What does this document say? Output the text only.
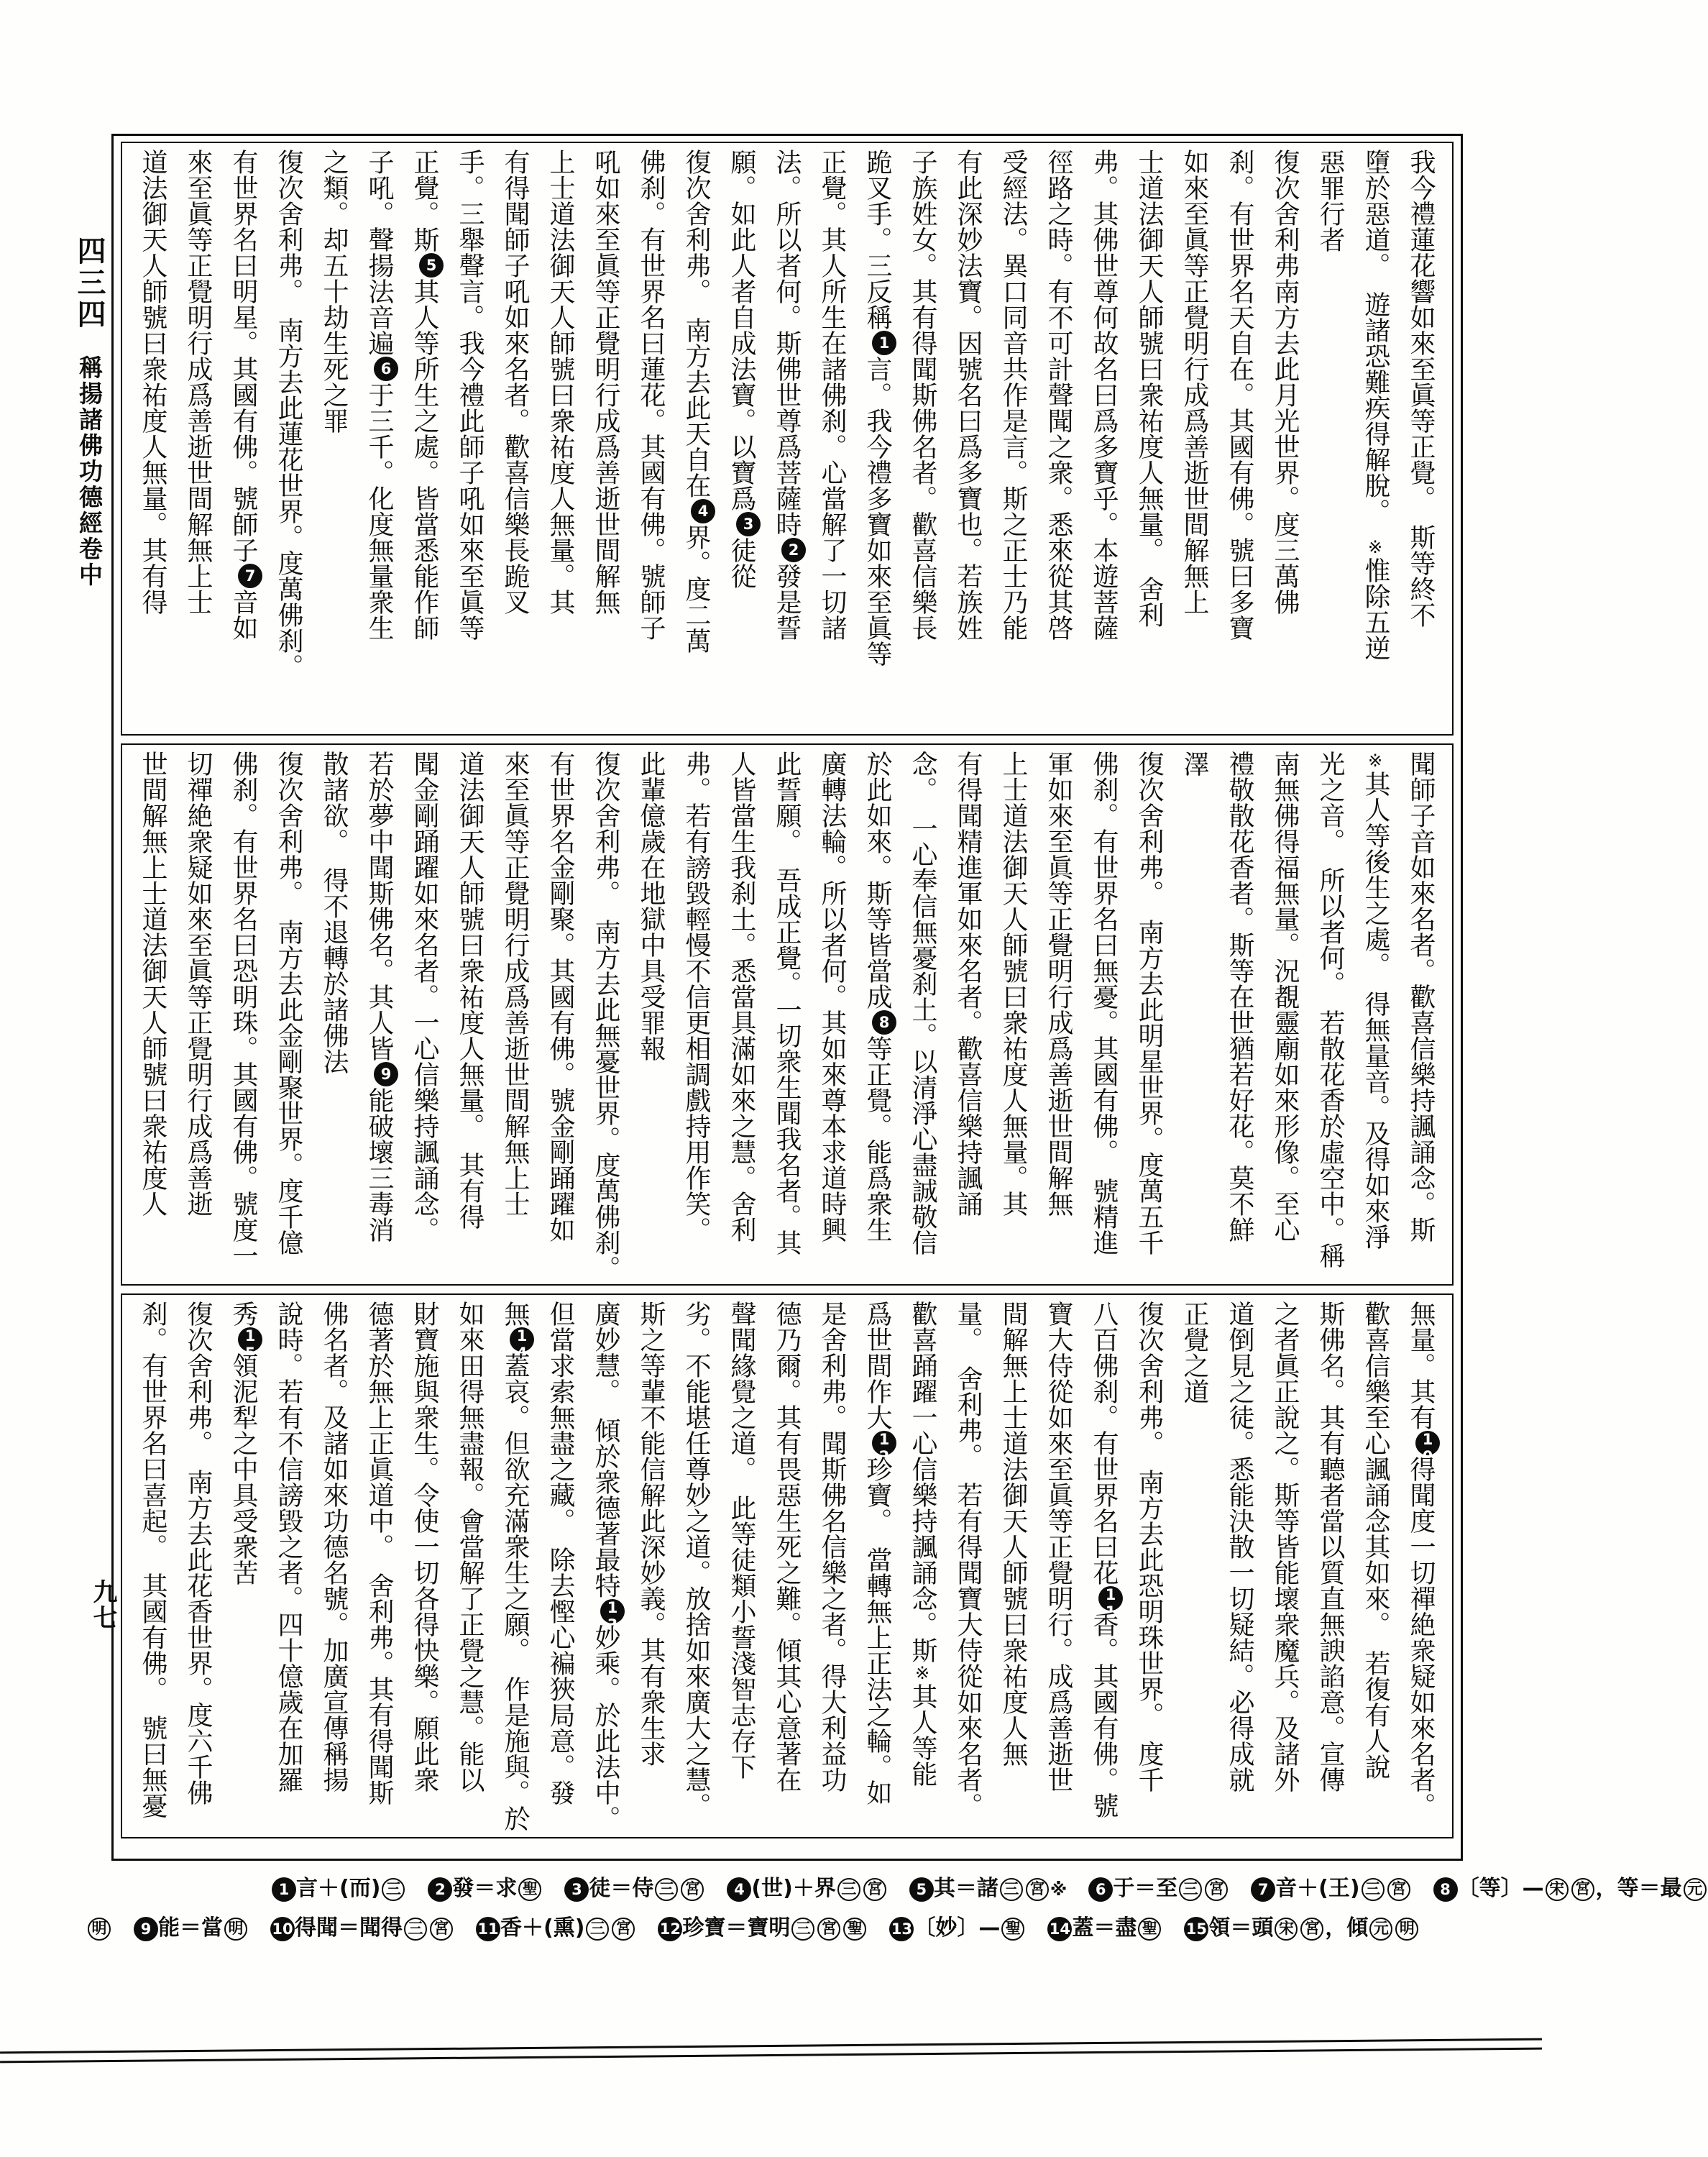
四三四稱揚諸佛功德經卷中
九七
我今禮蓮花響如來至眞等正覺。　斯等終不
墮於惡道。　遊諸恐難疾得解脫。　※惟除五逆
惡罪行者
復次舍利弗南方去此月光世界。度三萬佛
刹。有世界名天自在。其國有佛。號曰多寶
如來至眞等正覺明行成爲善逝世間解無上
士道法御天人師號曰衆祐度人無量。　舍利
弗。其佛世尊何故名曰爲多寶乎。本遊菩薩
徑路之時。有不可計聲聞之衆。悉來從其啓
受經法。異口同音共作是言。斯之正士乃能
有此深妙法寶。因號名曰爲多寶也。若族姓
子族姓女。其有得聞斯佛名者。歡喜信樂長
跪叉手。三反稱1言。我今禮多寶如來至眞等
正覺。其人所生在諸佛刹。心當解了一切諸
法。所以者何。斯佛世尊爲菩薩時2發是誓
願。如此人者自成法寶。以寶爲3徒從
復次舍利弗。　南方去此天自在4界。度二萬
佛刹。有世界名曰蓮花。其國有佛。號師子
吼如來至眞等正覺明行成爲善逝世間解無
上士道法御天人師號曰衆祐度人無量。其
有得聞師子吼如來名者。歡喜信樂長跪叉
手。三舉聲言。我今禮此師子吼如來至眞等
正覺。斯5其人等所生之處。皆當悉能作師
子吼。聲揚法音遍6于三千。化度無量衆生
之類。却五十劫生死之罪
復次舍利弗。　南方去此蓮花世界。度萬佛刹。
有世界名曰明星。其國有佛。號師子7音如
來至眞等正覺明行成爲善逝世間解無上士
道法御天人師號曰衆祐度人無量。其有得
聞師子音如來名者。歡喜信樂持諷誦念。斯
※其人等後生之處。　得無量音。及得如來淨
光之音。　所以者何。　若散花香於虛空中。稱
南無佛得福無量。況覩靈廟如來形像。至心
禮敬散花香者。斯等在世猶若好花。莫不鮮
澤
復次舍利弗。　南方去此明星世界。度萬五千
佛刹。有世界名曰無憂。其國有佛。　號精進
軍如來至眞等正覺明行成爲善逝世間解無
上士道法御天人師號曰衆祐度人無量。其
有得聞精進軍如來名者。歡喜信樂持諷誦
念。　一心奉信無憂刹土。以清淨心盡誠敬信
於此如來。斯等皆當成8等正覺。能爲衆生
廣轉法輪。所以者何。其如來尊本求道時興
此誓願。　吾成正覺。一切衆生聞我名者。其
人皆當生我刹土。悉當具滿如來之慧。舍利
弗。若有謗毀輕慢不信更相調戲持用作笑。
此輩億歲在地獄中具受罪報
復次舍利弗。　南方去此無憂世界。度萬佛刹。
有世界名金剛聚。其國有佛。號金剛踊躍如
來至眞等正覺明行成爲善逝世間解無上士
道法御天人師號曰衆祐度人無量。　其有得
聞金剛踊躍如來名者。一心信樂持諷誦念。
若於夢中聞斯佛名。其人皆9能破壞三毒消
散諸欲。　得不退轉於諸佛法
復次舍利弗。　南方去此金剛聚世界。度千億
佛刹。有世界名曰恐明珠。其國有佛。號度一
切禪絶衆疑如來至眞等正覺明行成爲善逝
世間解無上士道法御天人師號曰衆祐度人
無量。其有10得聞度一切禪絶衆疑如來名者。
歡喜信樂至心諷誦念其如來。　若復有人說
斯佛名。其有聽者當以質直無諛諂意。宣傳
之者眞正說之。斯等皆能壞衆魔兵。及諸外
道倒見之徒。悉能決散一切疑結。必得成就
正覺之道
復次舍利弗。　南方去此恐明珠世界。　度千
八百佛刹。有世界名曰花11香。其國有佛。號
寶大侍從如來至眞等正覺明行。成爲善逝世
間解無上士道法御天人師號曰衆祐度人無
量。　舍利弗。　若有得聞寶大侍從如來名者。
歡喜踊躍一心信樂持諷誦念。斯※其人等能
爲世間作大12珍寶。　當轉無上正法之輪。如
是舍利弗。聞斯佛名信樂之者。得大利益功
德乃爾。其有畏惡生死之難。傾其心意著在
聲聞緣覺之道。　此等徒類小誓淺智志存下
劣。不能堪任尊妙之道。放捨如來廣大之慧。
斯之等輩不能信解此深妙義。其有衆生求
廣妙慧。　傾於衆德著最特13妙乘。於此法中。
但當求索無盡之藏。　除去慳心褊狹局意。發
無14蓋哀。但欲充滿衆生之願。　作是施與。於
如來田得無盡報。會當解了正覺之慧。能以
財寶施與衆生。令使一切各得快樂。願此衆
德著於無上正眞道中。　舍利弗。其有得聞斯
佛名者。及諸如來功德名號。加廣宣傳稱揚
說時。若有不信謗毀之者。四十億歲在加羅
秀15領泥犁之中具受衆苦
復次舍利弗。　南方去此花香世界。度六千佛
刹。有世界名曰喜起。　其國有佛。　號曰無憂
1 言＋(而) 三　 2 發＝求 聖　 3 徒＝侍 三 宮　 4 (世)＋界 三 宮　 5 其＝諸 三 宮 ※　 6 于＝至 三 宮　 7 音＋(王) 三 宮　 8 〔等〕— 宋 宮 ，等＝最 元
明　 9 能＝當 明　 10得聞＝聞得 三 宮　 11香＋(熏) 三 宮　 12珍寶＝寶明 三 宮 聖　 13〔妙〕— 聖　 14蓋＝盡 聖　 15領＝頭 宋 宮 ，傾 元 明
